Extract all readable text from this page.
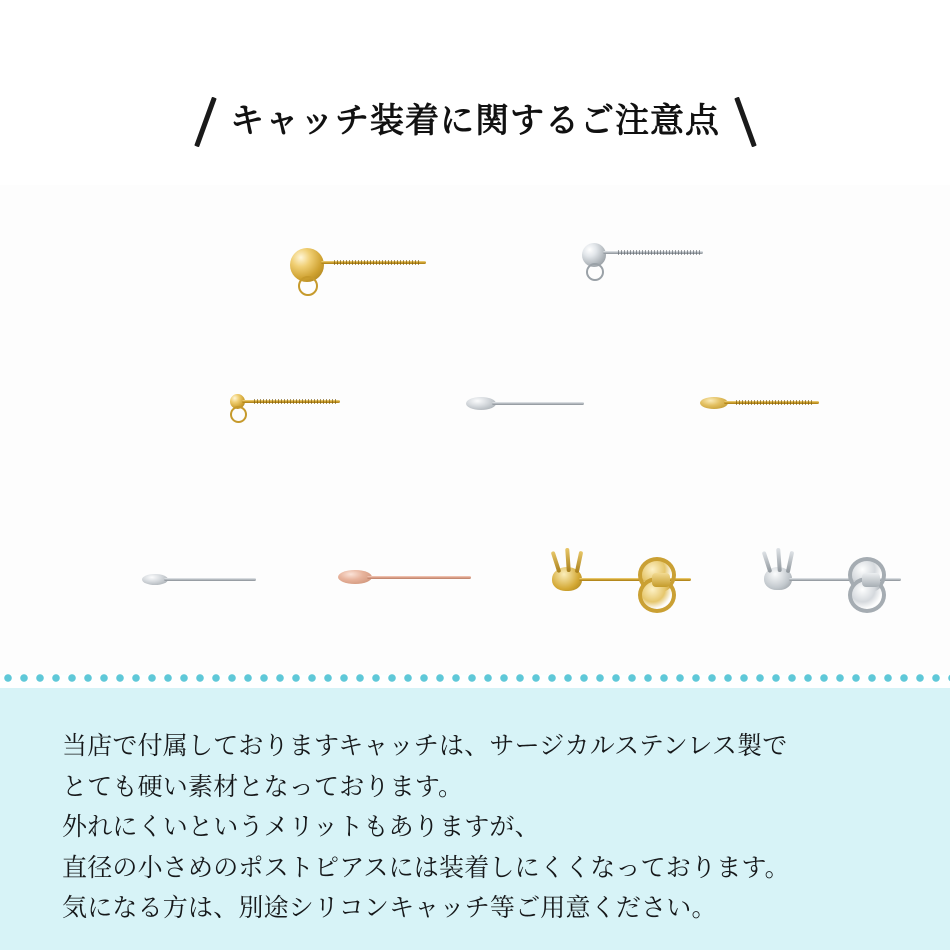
キャッチ装着に関するご注意点

当店で付属しておりますキャッチは、サージカルステンレス製で

とても硬い素材となっております。

外れにくいというメリットもありますが、

直径の小さめのポストピアスには装着しにくくなっております。

気になる方は、別途シリコンキャッチ等ご用意ください。
